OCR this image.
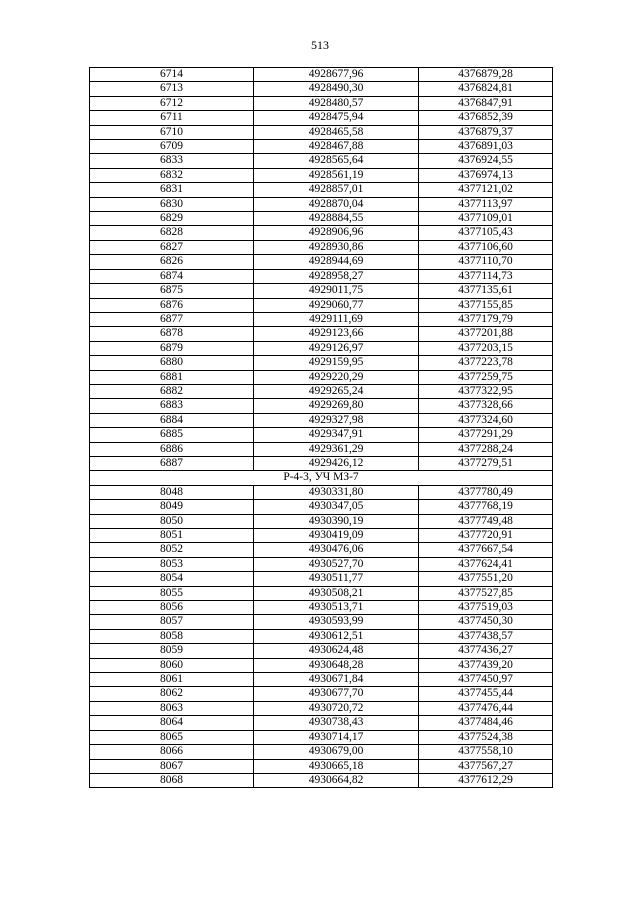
513
6714	4928677,96	4376879,28
6713	4928490,30	4376824,81
6712	4928480,57	4376847,91
6711	4928475,94	4376852,39
6710	4928465,58	4376879,37
6709	4928467,88	4376891,03
6833	4928565,64	4376924,55
6832	4928561,19	4376974,13
6831	4928857,01	4377121,02
6830	4928870,04	4377113,97
6829	4928884,55	4377109,01
6828	4928906,96	4377105,43
6827	4928930,86	4377106,60
6826	4928944,69	4377110,70
6874	4928958,27	4377114,73
6875	4929011,75	4377135,61
6876	4929060,77	4377155,85
6877	4929111,69	4377179,79
6878	4929123,66	4377201,88
6879	4929126,97	4377203,15
6880	4929159,95	4377223,78
6881	4929220,29	4377259,75
6882	4929265,24	4377322,95
6883	4929269,80	4377328,66
6884	4929327,98	4377324,60
6885	4929347,91	4377291,29
6886	4929361,29	4377288,24
6887	4929426,12	4377279,51
Р-4-3, УЧ МЗ-7		
8048	4930331,80	4377780,49
8049	4930347,05	4377768,19
8050	4930390,19	4377749,48
8051	4930419,09	4377720,91
8052	4930476,06	4377667,54
8053	4930527,70	4377624,41
8054	4930511,77	4377551,20
8055	4930508,21	4377527,85
8056	4930513,71	4377519,03
8057	4930593,99	4377450,30
8058	4930612,51	4377438,57
8059	4930624,48	4377436,27
8060	4930648,28	4377439,20
8061	4930671,84	4377450,97
8062	4930677,70	4377455,44
8063	4930720,72	4377476,44
8064	4930738,43	4377484,46
8065	4930714,17	4377524,38
8066	4930679,00	4377558,10
8067	4930665,18	4377567,27
8068	4930664,82	4377612,29
